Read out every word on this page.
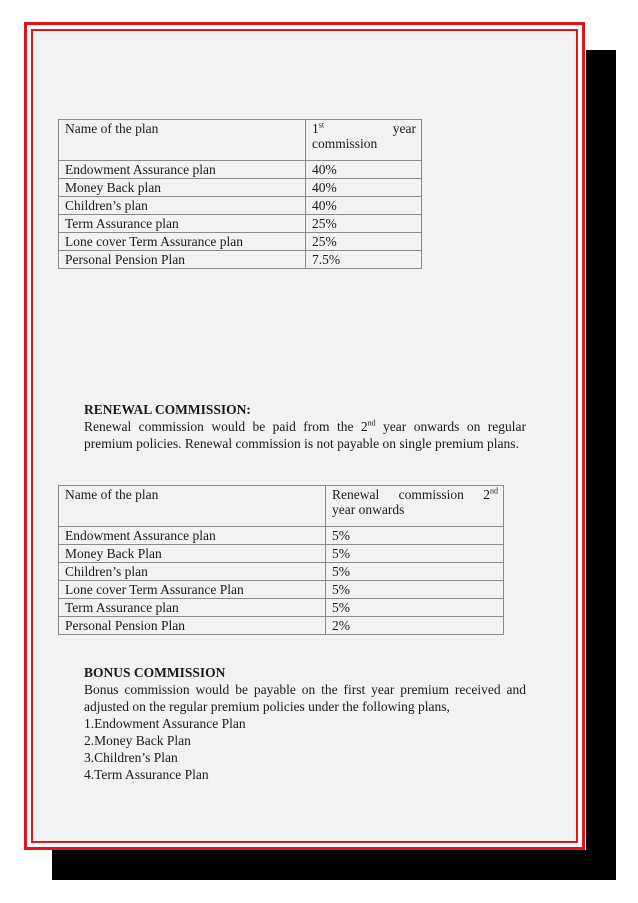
Name of the plan	1st year
commission

Endowment Assurance plan	40%
Money Back plan	40%
Children’s plan	40%
Term Assurance plan	25%
Lone cover Term Assurance plan	25%
Personal Pension Plan	7.5%
RENEWAL COMMISSION:

Renewal commission would be paid from the 2nd year onwards on regular premium policies. Renewal commission is not payable on single premium plans.

Name of the plan	Renewal commission 2nd
year onwards

Endowment Assurance plan	5%
Money Back Plan	5%
Children’s plan	5%
Lone cover Term Assurance Plan	5%
Term Assurance plan	5%
Personal Pension Plan	2%
BONUS COMMISSION

Bonus commission would be payable on the first year premium received and adjusted on the regular premium policies under the following plans,

1.Endowment Assurance Plan
2.Money Back Plan
3.Children’s Plan
4.Term Assurance Plan
